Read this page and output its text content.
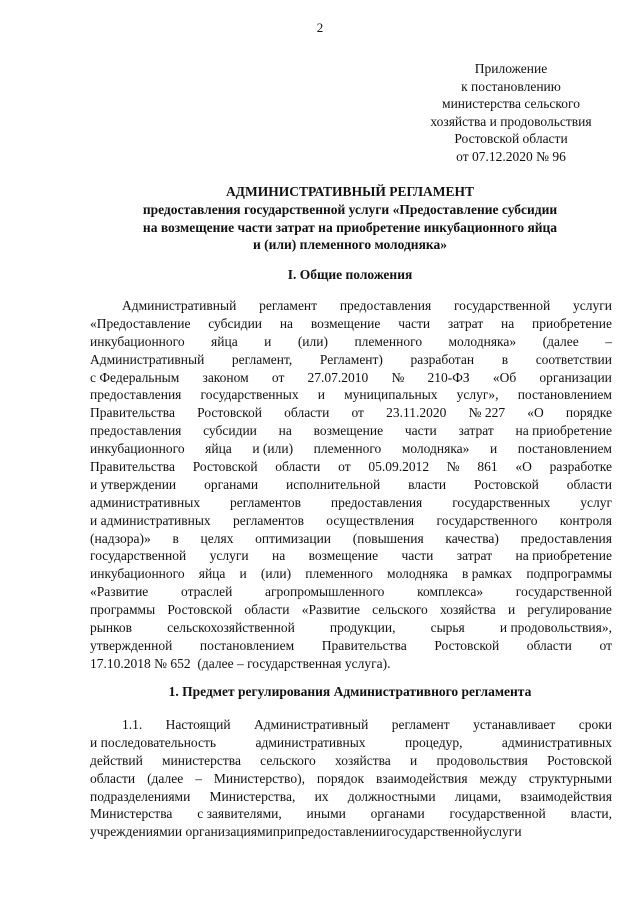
2
Приложение
к постановлению
министерства сельского
хозяйства и продовольствия
Ростовской области
от 07.12.2020 № 96
АДМИНИСТРАТИВНЫЙ РЕГЛАМЕНТ
предоставления государственной услуги «Предоставление субсидии
на возмещение части затрат на приобретение инкубационного яйца
и (или) племенного молодняка»
I. Общие положения
Административный регламент предоставления государственной услуги
«Предоставление субсидии на возмещение части затрат на приобретение
инкубационного яйца и (или) племенного молодняка» (далее –
Административный регламент, Регламент) разработан в соответствии
с Федеральным законом от 27.07.2010 № 210-ФЗ «Об организации
предоставления государственных и муниципальных услуг», постановлением
Правительства Ростовской области от 23.11.2020 № 227 «О порядке
предоставления субсидии на возмещение части затрат на приобретение
инкубационного яйца и (или) племенного молодняка» и постановлением
Правительства Ростовской области от 05.09.2012 № 861 «О разработке
и утверждении органами исполнительной власти Ростовской области
административных регламентов предоставления государственных услуг
и административных регламентов осуществления государственного контроля
(надзора)» в целях оптимизации (повышения качества) предоставления
государственной услуги на возмещение части затрат на приобретение
инкубационного яйца и (или) племенного молодняка в рамках подпрограммы
«Развитие отраслей агропромышленного комплекса» государственной
программы Ростовской области «Развитие сельского хозяйства и регулирование
рынков	сельскохозяйственной	продукции,	сырья	и продовольствия»,
утвержденной постановлением Правительства Ростовской области от
17.10.2018 № 652  (далее – государственная услуга).
1. Предмет регулирования Административного регламента
1.1. Настоящий Административный регламент устанавливает сроки
и последовательность	административных	процедур,	административных
действий министерства сельского хозяйства и продовольствия Ростовской
области (далее – Министерство), порядок взаимодействия между структурными
подразделениями Министерства, их должностными лицами, взаимодействия
Министерства с заявителями, иными органами государственной власти,
учреждениями и организациями при предоставлении государственной услуги
